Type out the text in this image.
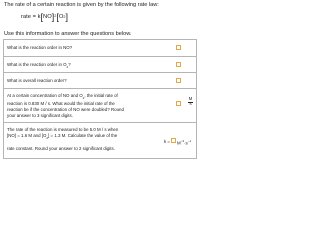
The rate of a certain reaction is given by the following rate law:
rate = k [ NO ]$^2$ [ O 2 ]
Use this information to answer the questions below.
What is the reaction order in NO?
What is the reaction order in $O_2$?
What is overall reaction order?
At a certain concentration of NO and $O_2$, the initial rate of
reaction is 0.830 M / s. What would the initial rate of the
reaction be if the concentration of NO were doubled? Round
your answer to 3 significant digits.
M
s
The rate of the reaction is measured to be 5.0 M / s when
[NO] = 1.6 M and $[O_2] = 1.3$ M. Calculate the value of the
rate constant. Round your answer to 2 significant digits.
$k = M^{-3}\cdot s^{-1}$
